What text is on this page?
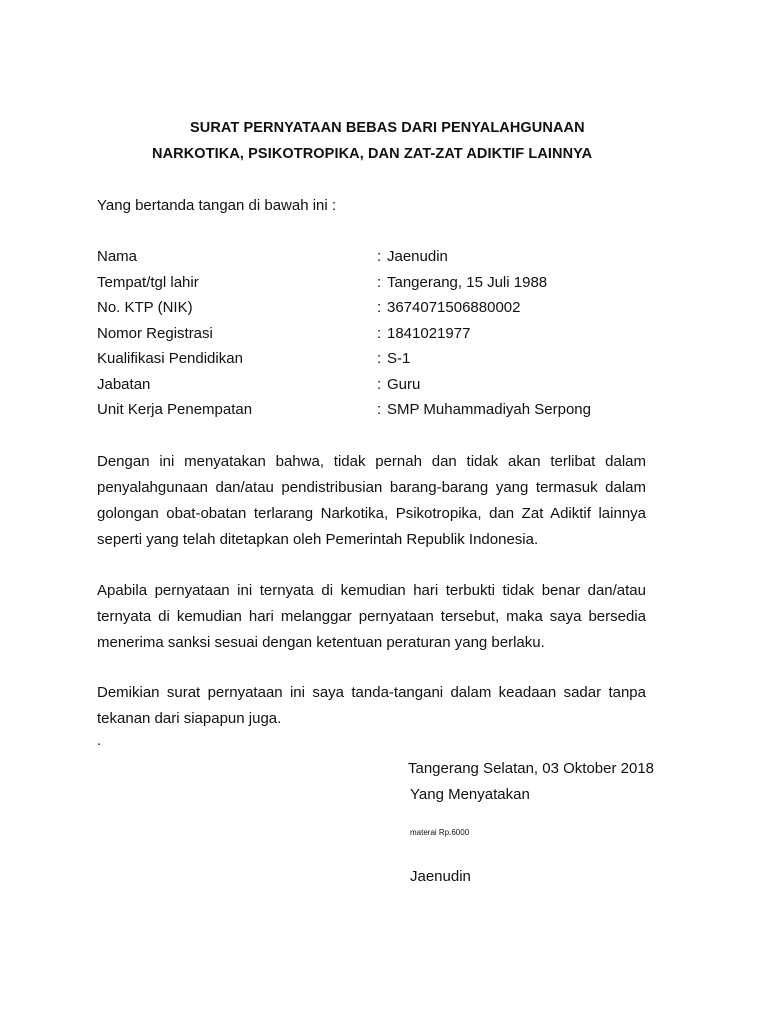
SURAT PERNYATAAN BEBAS DARI PENYALAHGUNAAN
NARKOTIKA, PSIKOTROPIKA, DAN ZAT-ZAT ADIKTIF LAINNYA
Yang bertanda tangan di bawah ini :
Nama	: Jaenudin
Tempat/tgl lahir	: Tangerang, 15 Juli 1988
No. KTP (NIK)	: 3674071506880002
Nomor Registrasi	: 1841021977
Kualifikasi Pendidikan	: S-1
Jabatan	: Guru
Unit Kerja Penempatan	: SMP Muhammadiyah Serpong
Dengan ini menyatakan bahwa, tidak pernah dan tidak akan terlibat dalam penyalahgunaan dan/atau pendistribusian barang-barang yang termasuk dalam golongan obat-obatan terlarang Narkotika, Psikotropika, dan Zat Adiktif lainnya seperti yang telah ditetapkan oleh Pemerintah Republik Indonesia.
Apabila pernyataan ini ternyata di kemudian hari terbukti tidak benar dan/atau ternyata di kemudian hari melanggar pernyataan tersebut, maka saya bersedia menerima sanksi sesuai dengan ketentuan peraturan yang berlaku.
Demikian surat pernyataan ini saya tanda-tangani dalam keadaan sadar tanpa tekanan dari siapapun juga.
.
Tangerang Selatan, 03 Oktober 2018
Yang Menyatakan
materai Rp.6000
Jaenudin
